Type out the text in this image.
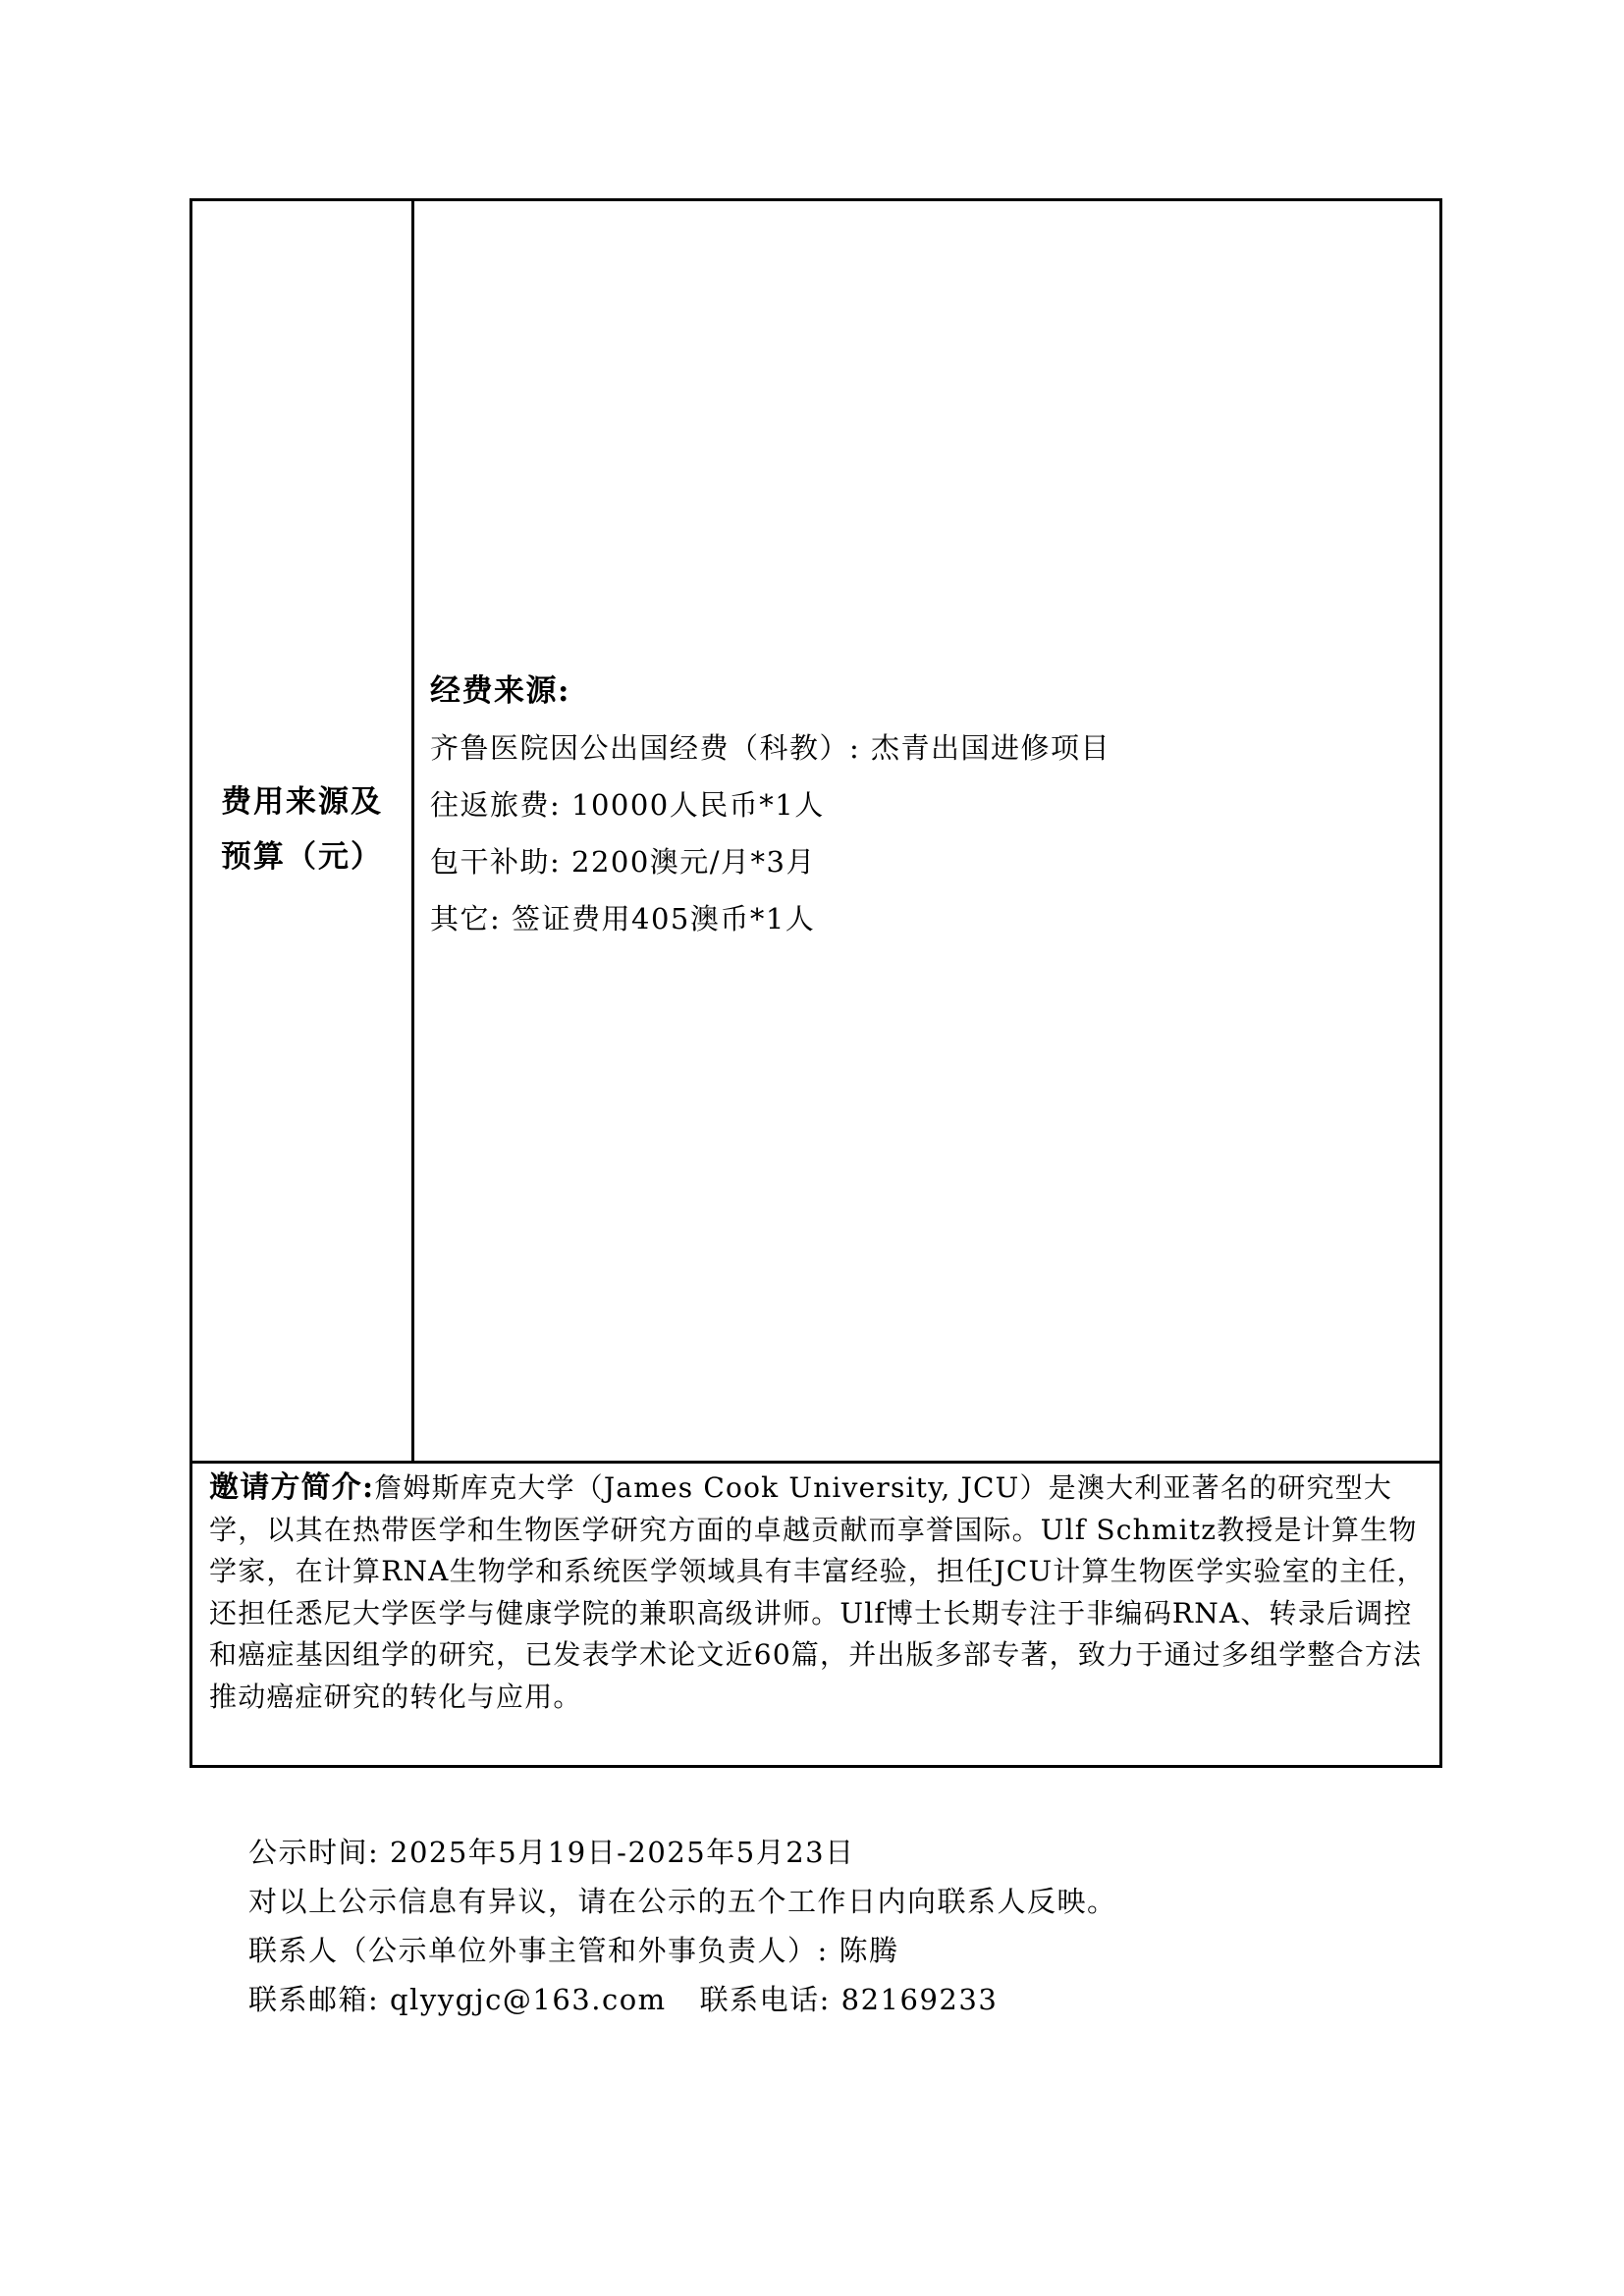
费用来源及
预算（元）
经费来源:
齐鲁医院因公出国经费（科教）: 杰青出国进修项目
往返旅费: 10000人民币*1人
包干补助: 2200澳元/月*3月
其它: 签证费用405澳币*1人
邀请方简介:詹姆斯库克大学（James Cook University, JCU）是澳大利亚著名的研究型大学，以其在热带医学和生物医学研究方面的卓越贡献而享誉国际。Ulf Schmitz教授是计算生物学家，在计算RNA生物学和系统医学领域具有丰富经验，担任JCU计算生物医学实验室的主任，还担任悉尼大学医学与健康学院的兼职高级讲师。Ulf博士长期专注于非编码RNA、转录后调控和癌症基因组学的研究，已发表学术论文近60篇，并出版多部专著，致力于通过多组学整合方法推动癌症研究的转化与应用。
公示时间: 2025年5月19日-2025年5月23日
对以上公示信息有异议，请在公示的五个工作日内向联系人反映。
联系人（公示单位外事主管和外事负责人）: 陈腾
联系邮箱: qlyygjc@163.com 联系电话: 82169233
